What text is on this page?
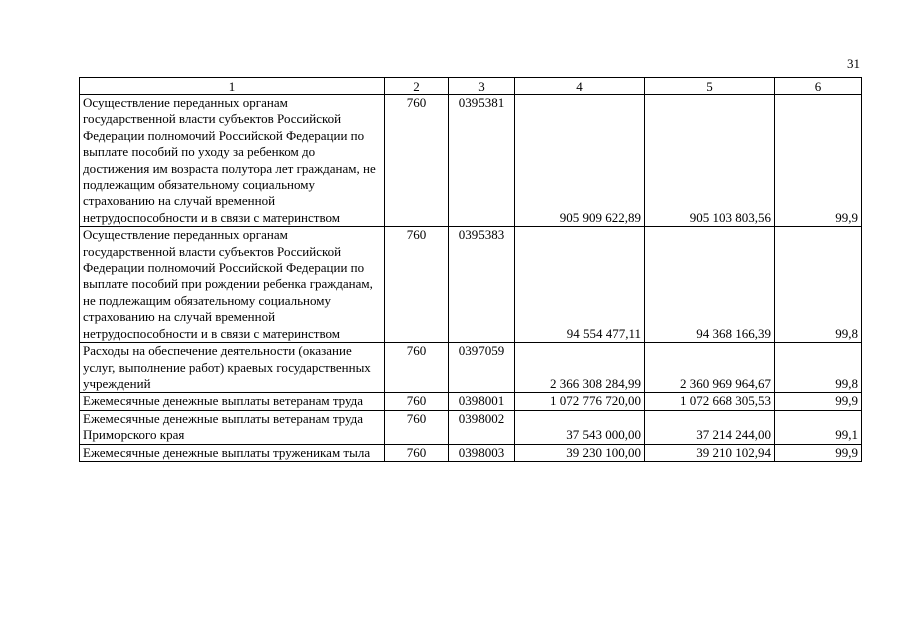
31
1	2	3	4	5	6
Осуществление переданных органам государственной власти субъектов Российской Федерации полномочий Российской Федерации по выплате пособий по уходу за ребенком до достижения им возраста полутора лет гражданам, не подлежащим обязательному социальному страхованию на случай временной нетрудоспособности и в связи с материнством	760	0395381	905 909 622,89	905 103 803,56	99,9
Осуществление переданных органам государственной власти субъектов Российской Федерации полномочий Российской Федерации по выплате пособий при рождении ребенка гражданам, не подлежащим обязательному социальному страхованию на случай временной нетрудоспособности и в связи с материнством	760	0395383	94 554 477,11	94 368 166,39	99,8
Расходы на обеспечение деятельности (оказание услуг, выполнение работ) краевых государственных учреждений	760	0397059	2 366 308 284,99	2 360 969 964,67	99,8
Ежемесячные денежные выплаты ветеранам труда	760	0398001	1 072 776 720,00	1 072 668 305,53	99,9
Ежемесячные денежные выплаты ветеранам труда Приморского края	760	0398002	37 543 000,00	37 214 244,00	99,1
Ежемесячные денежные выплаты труженикам тыла	760	0398003	39 230 100,00	39 210 102,94	99,9
